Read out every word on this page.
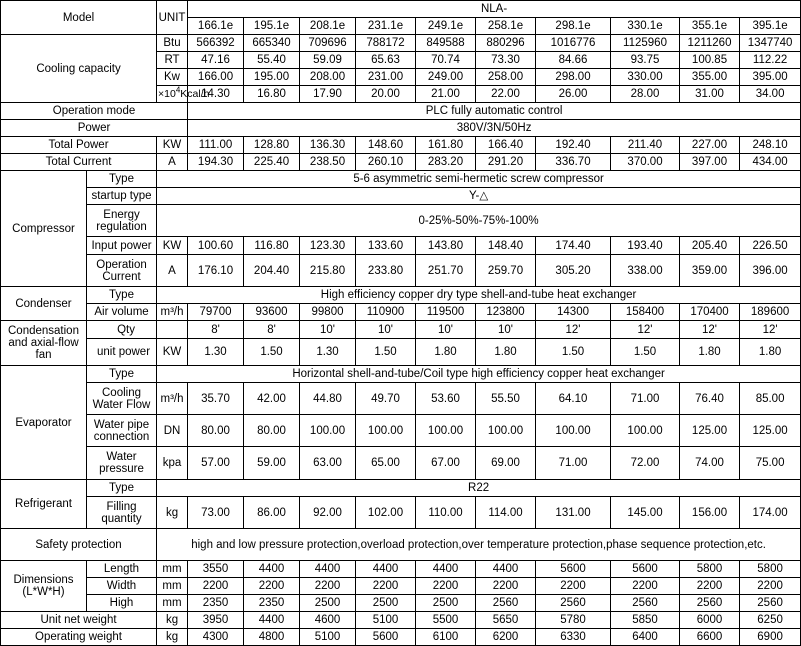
Model		UNIT	NLA-									
			166.1e	195.1e	208.1e	231.1e	249.1e	258.1e	298.1e	330.1e	355.1e	395.1e
Cooling capacity		Btu	566392	665340	709696	788172	849588	880296	1016776	1125960	1211260	1347740
		RT	47.16	55.40	59.09	65.63	70.74	73.30	84.66	93.75	100.85	112.22
		Kw	166.00	195.00	208.00	231.00	249.00	258.00	298.00	330.00	355.00	395.00
		$\times 10^4Kcal/h$	14.30	16.80	17.90	20.00	21.00	22.00	26.00	28.00	31.00	34.00
Operation mode			PLC fully automatic control									
Power			380V/3N/50Hz									
Total Power		KW	111.00	128.80	136.30	148.60	161.80	166.40	192.40	211.40	227.00	248.10
Total Current		A	194.30	225.40	238.50	260.10	283.20	291.20	336.70	370.00	397.00	434.00
Compressor	Type	5-6 asymmetric semi-hermetic screw compressor										
	startup type	Y-△										
	Energy regulation	0-25%-50%-75%-100%										
	Input power	KW	100.60	116.80	123.30	133.60	143.80	148.40	174.40	193.40	205.40	226.50
	Operation Current	A	176.10	204.40	215.80	233.80	251.70	259.70	305.20	338.00	359.00	396.00
Condenser	Type	High efficiency copper dry type shell-and-tube heat exchanger										
	Air volume	m³/h	79700	93600	99800	110900	119500	123800	14300	158400	170400	189600
Condensation and axial-flow fan	Qty		8'	8'	10'	10'	10'	10'	12'	12'	12'	12'
	unit power	KW	1.30	1.50	1.30	1.50	1.80	1.80	1.50	1.50	1.80	1.80
Evaporator	Type	Horizontal shell-and-tube/Coil type high efficiency copper heat exchanger										
	Cooling Water Flow	m³/h	35.70	42.00	44.80	49.70	53.60	55.50	64.10	71.00	76.40	85.00
	Water pipe connection	DN	80.00	80.00	100.00	100.00	100.00	100.00	100.00	100.00	125.00	125.00
	Water pressure	kpa	57.00	59.00	63.00	65.00	67.00	69.00	71.00	72.00	74.00	75.00
Refrigerant	Type	R22										
	Filling quantity	kg	73.00	86.00	92.00	102.00	110.00	114.00	131.00	145.00	156.00	174.00
Safety protection		high and low pressure protection,overload protection,over temperature protection,phase sequence protection,etc.										
Dimensions (L*W*H)	Length	mm	3550	4400	4400	4400	4400	4400	5600	5600	5800	5800
	Width	mm	2200	2200	2200	2200	2200	2200	2200	2200	2200	2200
	High	mm	2350	2350	2500	2500	2500	2560	2560	2560	2560	2560
Unit net weight		kg	3950	4400	4600	5100	5500	5650	5780	5850	6000	6250
Operating weight		kg	4300	4800	5100	5600	6100	6200	6330	6400	6600	6900
